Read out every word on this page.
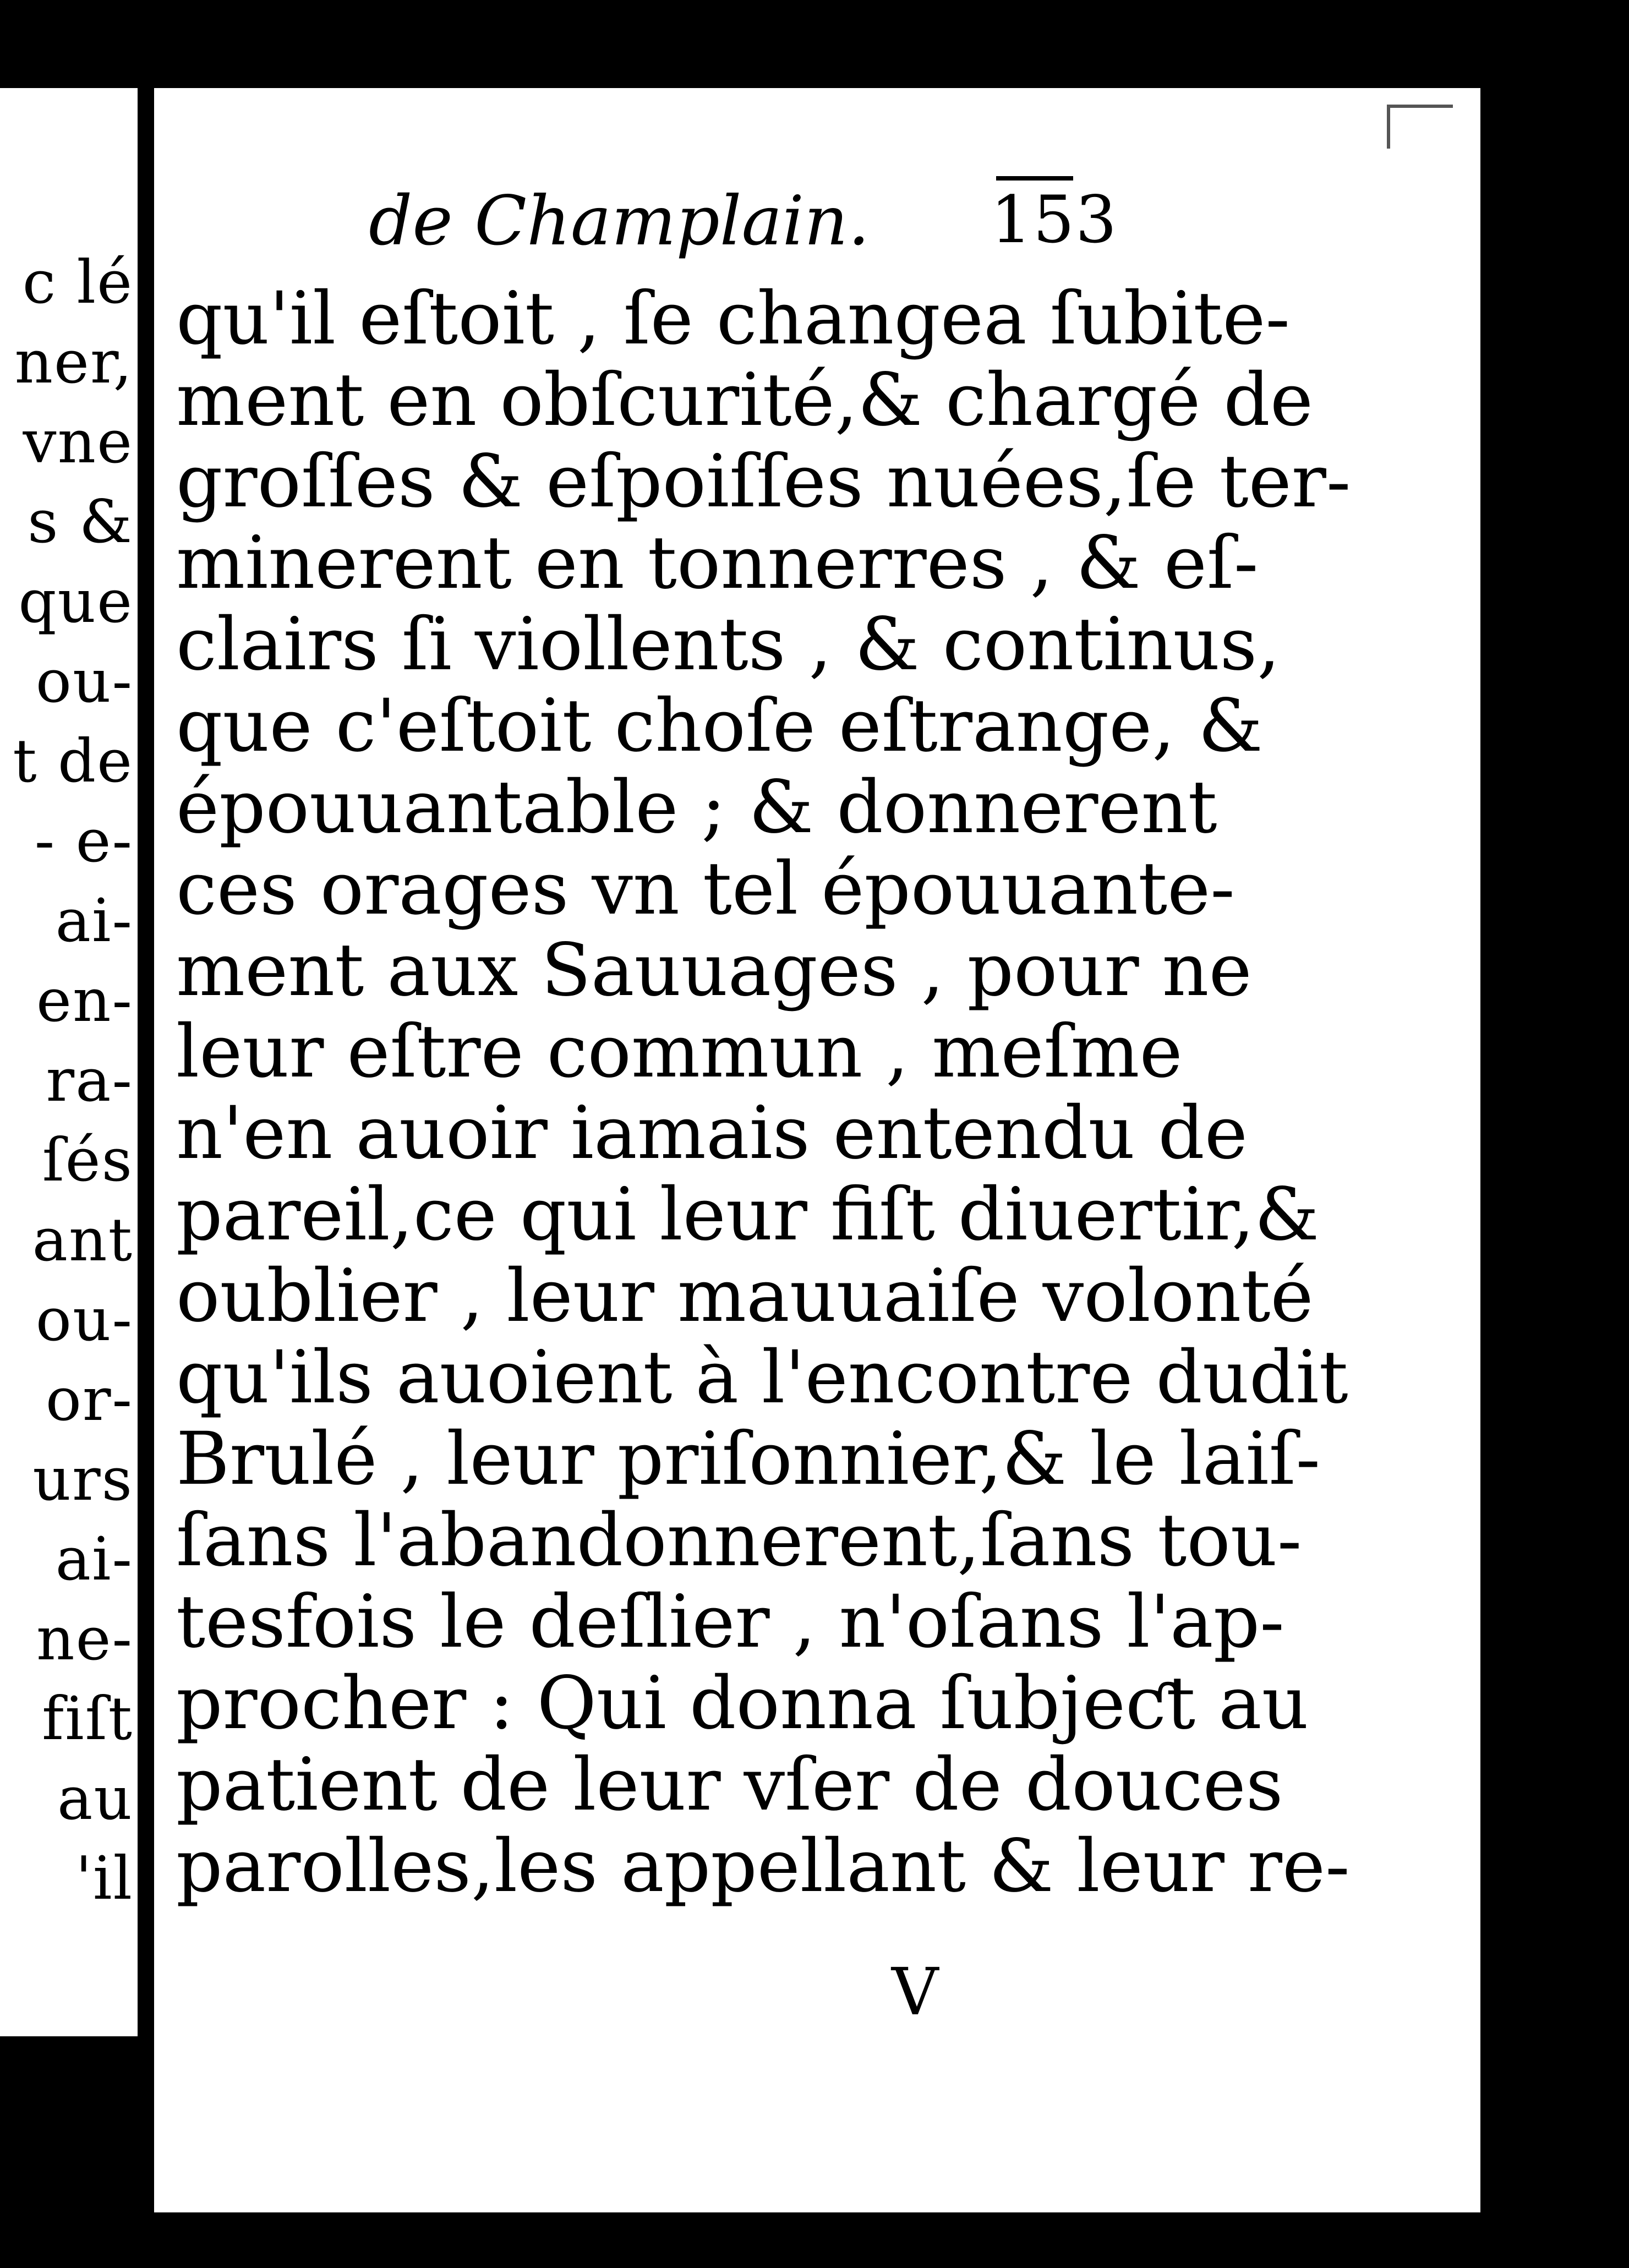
c lé
ner,
vne
s &
que
ou-
t de
- e-
ai-
en-
ra-
ſés
ant
ou-
or-
urs
ai-
ne-
fiſt
au
'il
de Champlain. 153
qu'il eſtoit , ſe changea ſubite-
ment en obſcurité,& chargé de
groſſes & eſpoiſſes nuées,ſe ter-
minerent en tonnerres , & eſ-
clairs ſi viollents , & continus,
que c'eſtoit choſe eſtrange, &
épouuantable ; & donnerent
ces orages vn tel épouuante-
ment aux Sauuages , pour ne
leur eſtre commun , meſme
n'en auoir iamais entendu de
pareil,ce qui leur fiſt diuertir,&
oublier , leur mauuaiſe volonté
qu'ils auoient à l'encontre dudit
Brulé , leur priſonnier,& le laiſ-
ſans l'abandonnerent,ſans tou-
tesfois le deſlier , n'oſans l'ap-
procher : Qui donna ſubjeƈt au
patient de leur vſer de douces
parolles,les appellant & leur re-
V
